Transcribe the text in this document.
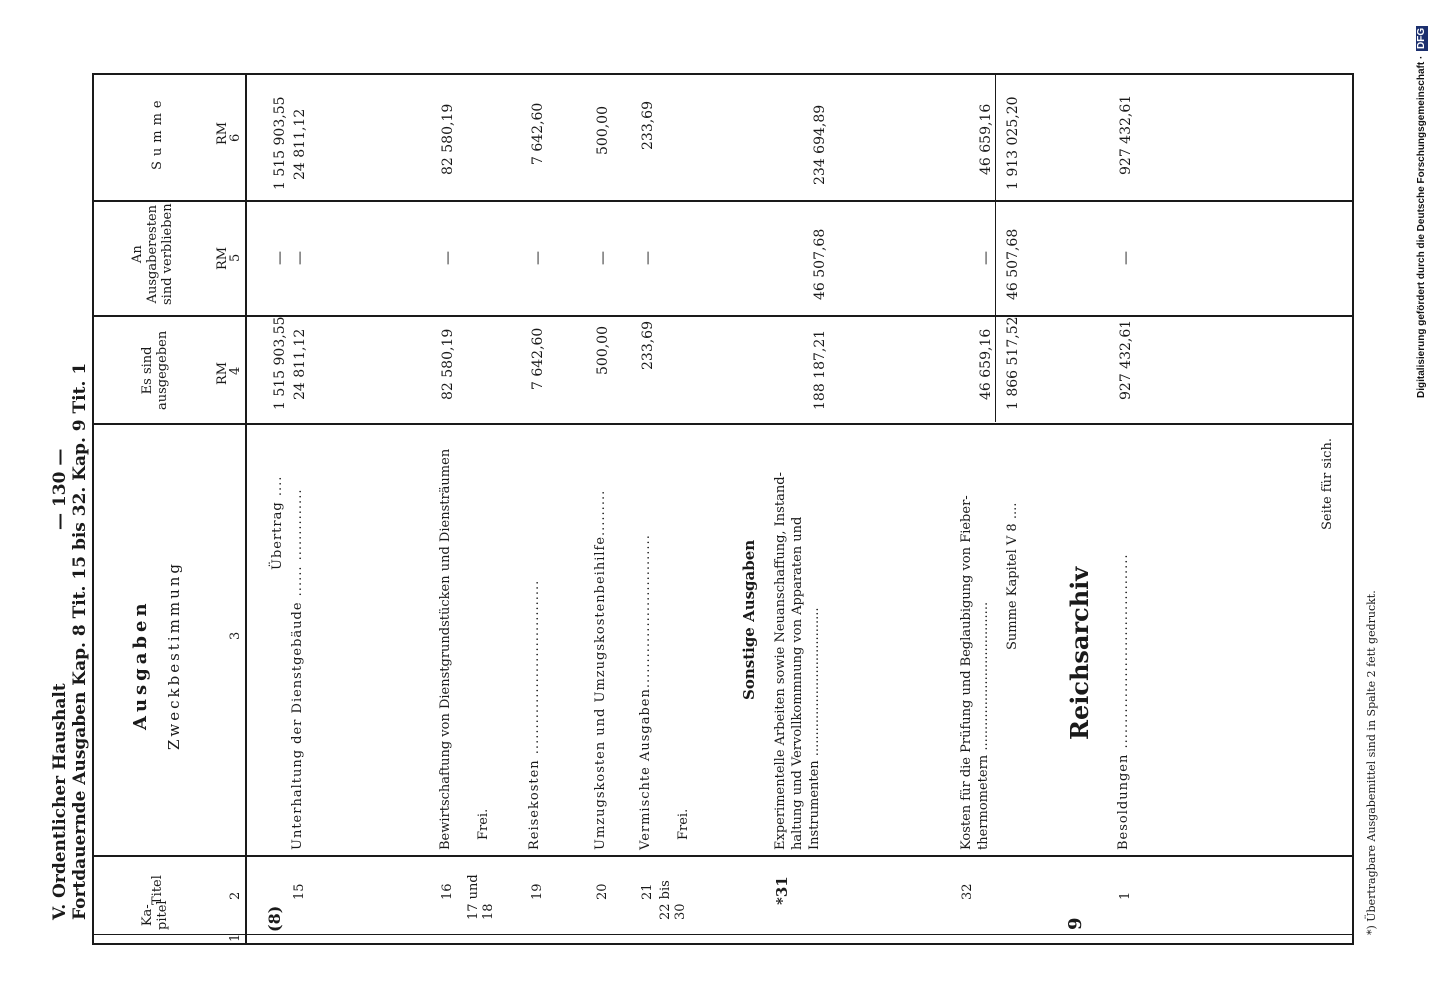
V. Ordentlicher Haushalt Fortdauernde Ausgaben Kap. 8 Tit. 15 bis 32. Kap. 9 Tit. 1
— 130 —
Ka-
pitel
Titel
Ausgaben Zweckbestimmung
Es sind
ausgegeben
An
Ausgaberesten
sind verblieben
Summe
RM
RM
RM
1
2
3
4
5
6
(8)
Übertrag ....
1 515 903,55
—
1 515 903,55
15
Unterhaltung der Dienstgebäude ...... ..............
24 811,12
—
24 811,12
16
Bewirtschaftung von Dienstgrundstücken und Diensträumen
82 580,19
—
82 580,19
17 und 18
Frei.
19
Reisekosten ..................................
7 642,60
—
7 642,60
20
Umzugskosten und Umzugskostenbeihilfe.........
500,00
—
500,00
21
Vermischte Ausgaben..............................
233,69
—
233,69
22 bis 30
Frei.
Sonstige Ausgaben
*31
Experimentelle Arbeiten sowie Neuanschaffung, Instand-
haltung und Vervollkommnung von Apparaten und
Instrumenten ....................................
188 187,21
46 507,68
234 694,89
32
Kosten für die Prüfung und Beglaubigung von Fieber-
thermometern ....................................
46 659,16
—
46 659,16
Summe Kapitel V 8 ....
1 866 517,52
46 507,68
1 913 025,20
9
Reichsarchiv
1
Besoldungen ......................................
927 432,61
—
927 432,61
Seite für sich.
*) Übertragbare Ausgabemittel sind in Spalte 2 fett gedruckt.
Digitalisierung gefördert durch die Deutsche Forschungsgemeinschaft · DFG
